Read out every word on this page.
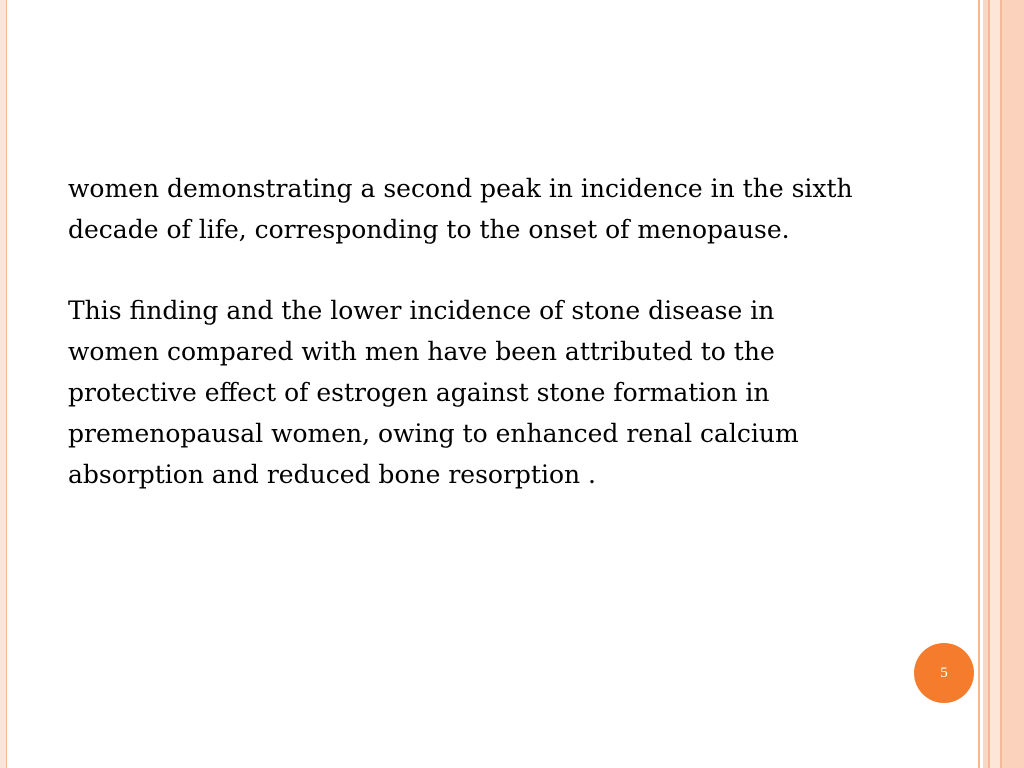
women demonstrating a second peak in incidence in the sixth decade of life, corresponding to the onset of menopause.

This finding and the lower incidence of stone disease in women compared with men have been attributed to the protective effect of estrogen against stone formation in premenopausal women, owing to enhanced renal calcium absorption and reduced bone resorption .

5
